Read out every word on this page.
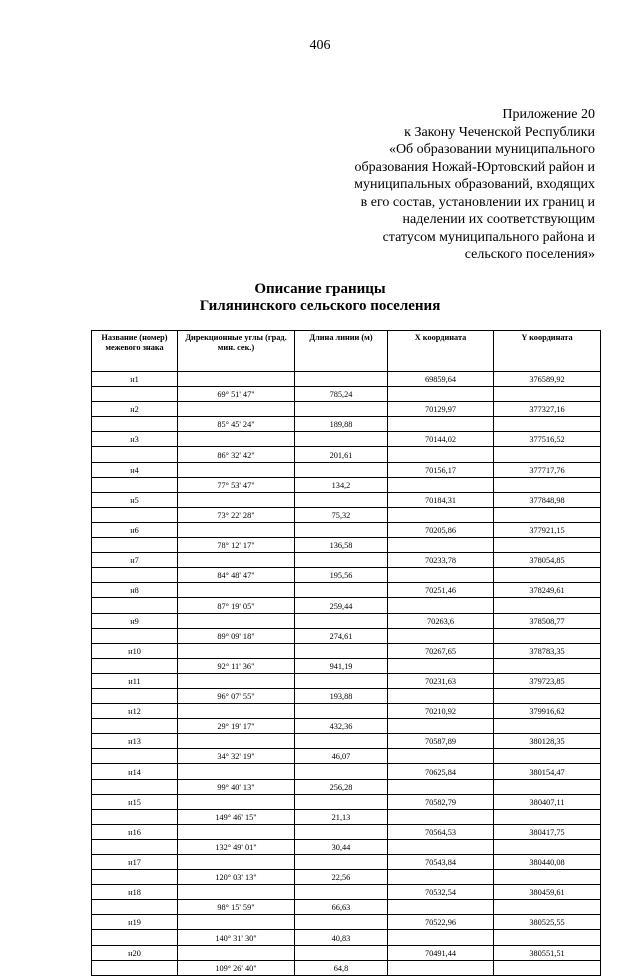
406
Приложение 20
к Закону Чеченской Республики
«Об образовании муниципального
образования Ножай-Юртовский район и
муниципальных образований, входящих
в его состав, установлении их границ и
наделении их соответствующим
статусом муниципального района и
сельского поселения»
Описание границы
Гилянинского сельского поселения
Название (номер) межевого знака	Дирекционные углы (град. мин. сек.)	Длина линии (м)	X координата	Y координата
н1			69859,64	376589,92
	69° 51' 47"	785,24		
н2			70129,97	377327,16
	85° 45' 24"	189,88		
н3			70144,02	377516,52
	86° 32' 42"	201,61		
н4			70156,17	377717,76
	77° 53' 47"	134,2		
н5			70184,31	377848,98
	73° 22' 28"	75,32		
н6			70205,86	377921,15
	78° 12' 17"	136,58		
н7			70233,78	378054,85
	84° 48' 47"	195,56		
н8			70251,46	378249,61
	87° 19' 05"	259,44		
н9			70263,6	378508,77
	89° 09' 18"	274,61		
н10			70267,65	378783,35
	92° 11' 36"	941,19		
н11			70231,63	379723,85
	96° 07' 55"	193,88		
н12			70210,92	379916,62
	29° 19' 17"	432,36		
н13			70587,89	380128,35
	34° 32' 19"	46,07		
н14			70625,84	380154,47
	99° 40' 13"	256,28		
н15			70582,79	380407,11
	149° 46' 15"	21,13		
н16			70564,53	380417,75
	132° 49' 01"	30,44		
н17			70543,84	380440,08
	120° 03' 13"	22,56		
н18			70532,54	380459,61
	98° 15' 59"	66,63		
н19			70522,96	380525,55
	140° 31' 30"	40,83		
н20			70491,44	380551,51
	109° 26' 40"	64,8		
